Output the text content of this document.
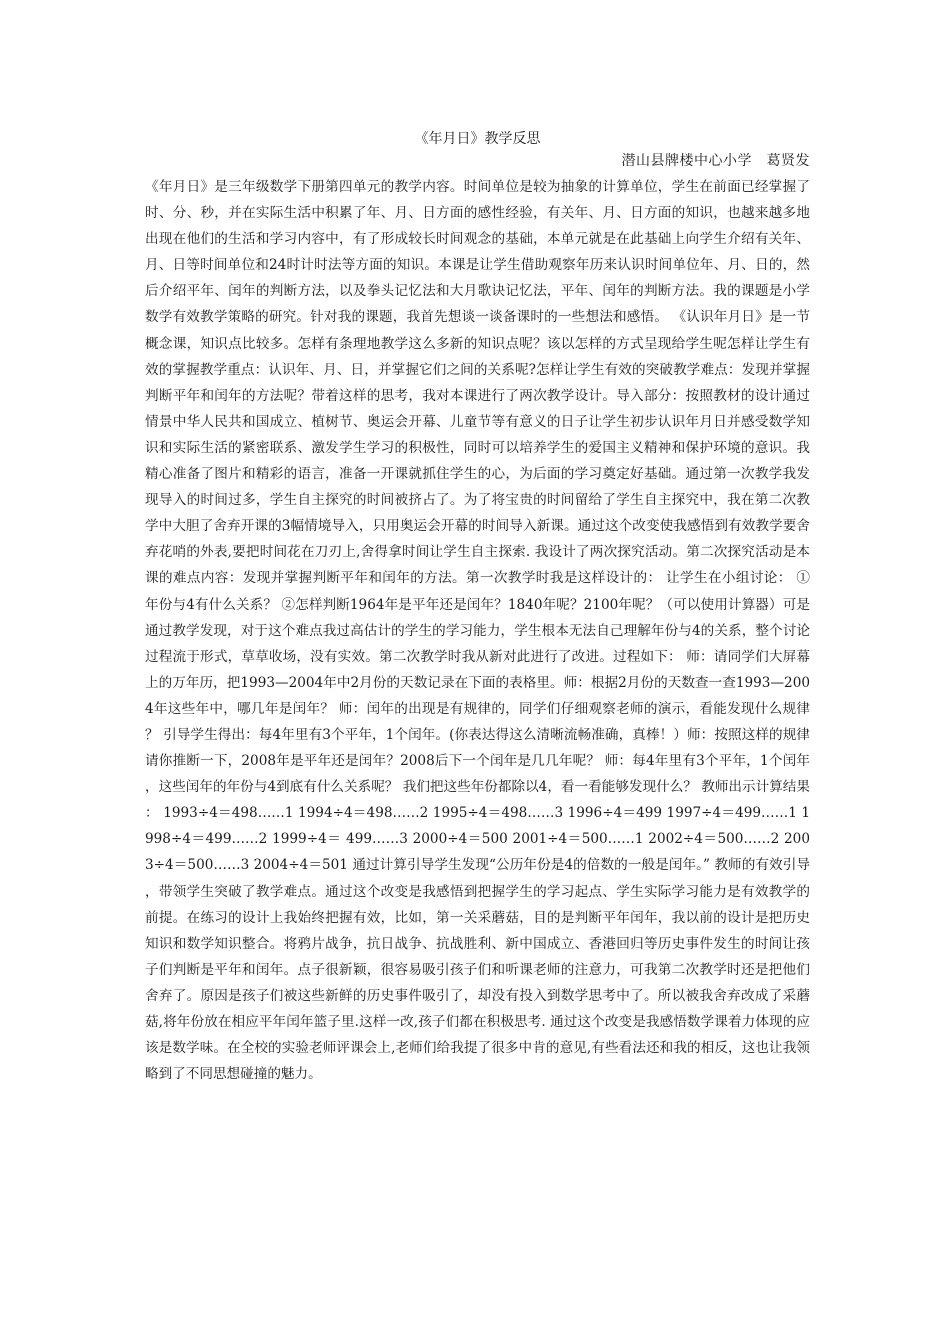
《年月日》教学反思

潜山县牌楼中心小学　葛贤发

《年月日》是三年级数学下册第四单元的教学内容。时间单位是较为抽象的计算单位，学生在前面已经掌握了时、分、秒，并在实际生活中积累了年、月、日方面的感性经验，有关年、月、日方面的知识，也越来越多地出现在他们的生活和学习内容中，有了形成较长时间观念的基础，本单元就是在此基础上向学生介绍有关年、月、日等时间单位和24时计时法等方面的知识。本课是让学生借助观察年历来认识时间单位年、月、日的，然后介绍平年、闰年的判断方法，以及拳头记忆法和大月歌诀记忆法，平年、闰年的判断方法。我的课题是小学数学有效教学策略的研究。针对我的课题，我首先想谈一谈备课时的一些想法和感悟。 《认识年月日》是一节概念课，知识点比较多。怎样有条理地教学这么多新的知识点呢？该以怎样的方式呈现给学生呢怎样让学生有效的掌握教学重点：认识年、月、日，并掌握它们之间的关系呢?怎样让学生有效的突破教学难点：发现并掌握判断平年和闰年的方法呢？带着这样的思考，我对本课进行了两次教学设计。导入部分：按照教材的设计通过情景中华人民共和国成立、植树节、奥运会开幕、儿童节等有意义的日子让学生初步认识年月日并感受数学知识和实际生活的紧密联系、激发学生学习的积极性，同时可以培养学生的爱国主义精神和保护环境的意识。我精心准备了图片和精彩的语言，准备一开课就抓住学生的心，为后面的学习奠定好基础。通过第一次教学我发现导入的时间过多，学生自主探究的时间被挤占了。为了将宝贵的时间留给了学生自主探究中，我在第二次教学中大胆了舍弃开课的3幅情境导入，只用奥运会开幕的时间导入新课。通过这个改变使我感悟到有效教学要舍弃花哨的外表,要把时间花在刀刃上,舍得拿时间让学生自主探索. 我设计了两次探究活动。第二次探究活动是本课的难点内容：发现并掌握判断平年和闰年的方法。第一次教学时我是这样设计的： 让学生在小组讨论： ① 年份与4有什么关系？ ②怎样判断1964年是平年还是闰年？1840年呢？2100年呢？（可以使用计算器）可是通过教学发现，对于这个难点我过高估计的学生的学习能力，学生根本无法自己理解年份与4的关系，整个讨论过程流于形式，草草收场，没有实效。第二次教学时我从新对此进行了改进。过程如下： 师：请同学们大屏幕上的万年历，把1993—2004年中2月份的天数记录在下面的表格里。师：根据2月份的天数查一查1993—2004年这些年中，哪几年是闰年？ 师：闰年的出现是有规律的，同学们仔细观察老师的演示，看能发现什么规律？ 引导学生得出：每4年里有3个平年，1个闰年。(你表达得这么清晰流畅准确，真棒！）师：按照这样的规律请你推断一下，2008年是平年还是闰年？2008后下一个闰年是几几年呢？ 师：每4年里有3个平年，1个闰年，这些闰年的年份与4到底有什么关系呢？ 我们把这些年份都除以4，看一看能够发现什么？ 教师出示计算结果： 1993÷4＝498……1 1994÷4＝498……2 1995÷4＝498……3 1996÷4＝499 1997÷4＝499……1 1998÷4＝499……2 1999÷4＝ 499……3 2000÷4＝500 2001÷4＝500……1 2002÷4＝500……2 2003÷4＝500……3 2004÷4＝501 通过计算引导学生发现“公历年份是4的倍数的一般是闰年。” 教师的有效引导，带领学生突破了教学难点。通过这个改变是我感悟到把握学生的学习起点、学生实际学习能力是有效教学的前提。在练习的设计上我始终把握有效，比如，第一关采蘑菇，目的是判断平年闰年，我以前的设计是把历史知识和数学知识整合。将鸦片战争，抗日战争、抗战胜利、新中国成立、香港回归等历史事件发生的时间让孩子们判断是平年和闰年。点子很新颖，很容易吸引孩子们和听课老师的注意力，可我第二次教学时还是把他们舍弃了。原因是孩子们被这些新鲜的历史事件吸引了，却没有投入到数学思考中了。所以被我舍弃改成了采蘑菇,将年份放在相应平年闰年篮子里.这样一改,孩子们都在积极思考. 通过这个改变是我感悟数学课着力体现的应该是数学味。在全校的实验老师评课会上,老师们给我提了很多中肯的意见,有些看法还和我的相反，这也让我领略到了不同思想碰撞的魅力。
